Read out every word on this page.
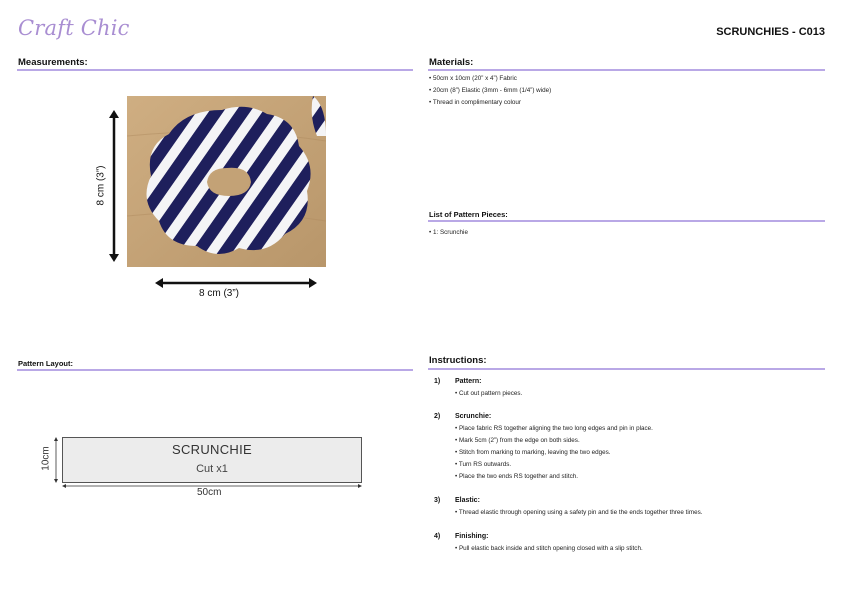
Craft Chic	SCRUNCHIES - C013
Measurements:
8 cm (3”)
8 cm (3”)
Materials:
• 50cm x 10cm (20” x 4”) Fabric
• 20cm (8”) Elastic (3mm - 6mm (1/4”) wide)
• Thread in complimentary colour
List of Pattern Pieces:
• 1: Scrunchie
Pattern Layout:
SCRUNCHIE
Cut x1
10cm
50cm
Instructions:
1) Pattern:
• Cut out pattern pieces.
2) Scrunchie:
• Place fabric RS together aligning the two long edges and pin in place.
• Mark 5cm (2”) from the edge on both sides.
• Stitch from marking to marking, leaving the two edges.
• Turn RS outwards.
• Place the two ends RS together and stitch.
3) Elastic:
• Thread elastic through opening using a safety pin and tie the ends together three times.
4) Finishing:
• Pull elastic back inside and stitch opening closed with a slip stitch.
